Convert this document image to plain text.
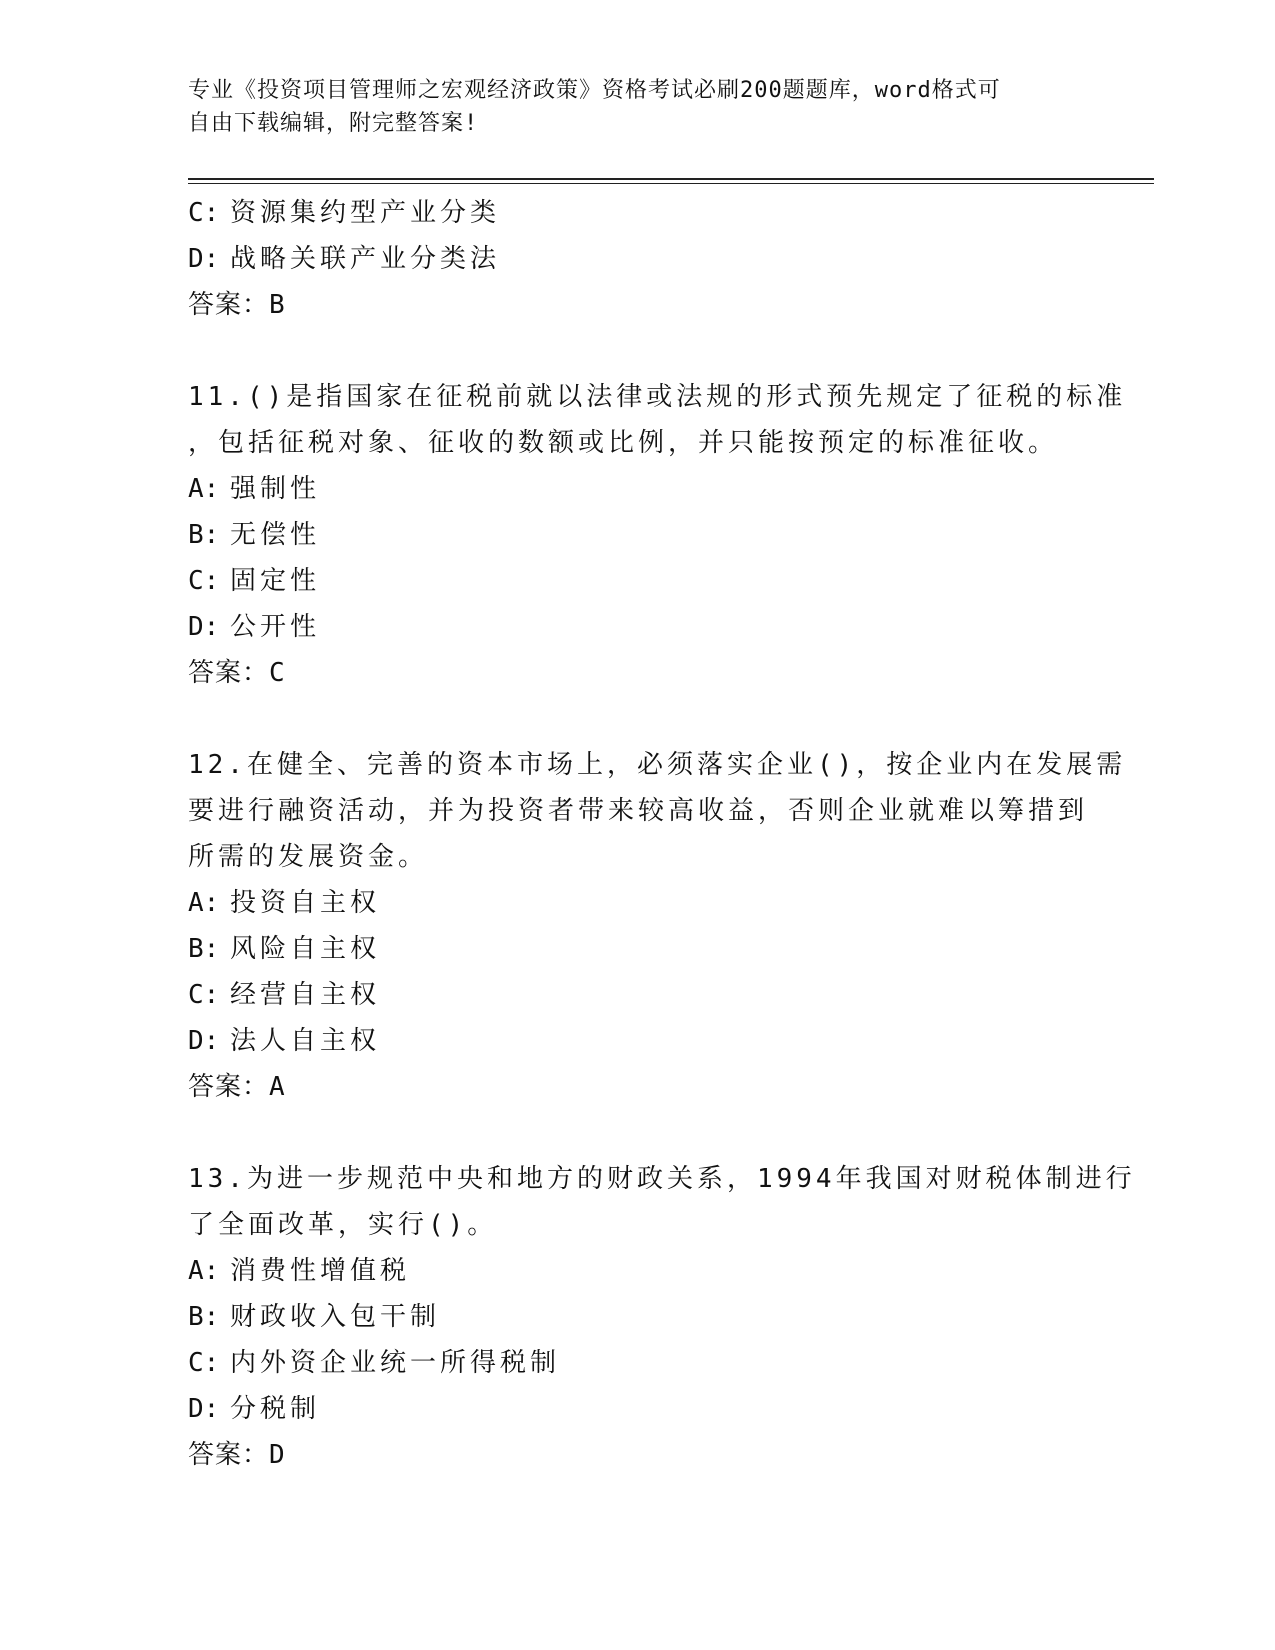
专业《投资项目管理师之宏观经济政策》资格考试必刷200题题库，word格式可
自由下载编辑，附完整答案!
C: 资源集约型产业分类
D: 战略关联产业分类法
答案：B
11.()是指国家在征税前就以法律或法规的形式预先规定了征税的标准
，包括征税对象、征收的数额或比例，并只能按预定的标准征收。
A: 强制性
B: 无偿性
C: 固定性
D: 公开性
答案：C
12.在健全、完善的资本市场上，必须落实企业()，按企业内在发展需
要进行融资活动，并为投资者带来较高收益，否则企业就难以筹措到
所需的发展资金。
A: 投资自主权
B: 风险自主权
C: 经营自主权
D: 法人自主权
答案：A
13.为进一步规范中央和地方的财政关系，1994年我国对财税体制进行
了全面改革，实行()。
A: 消费性增值税
B: 财政收入包干制
C: 内外资企业统一所得税制
D: 分税制
答案：D
